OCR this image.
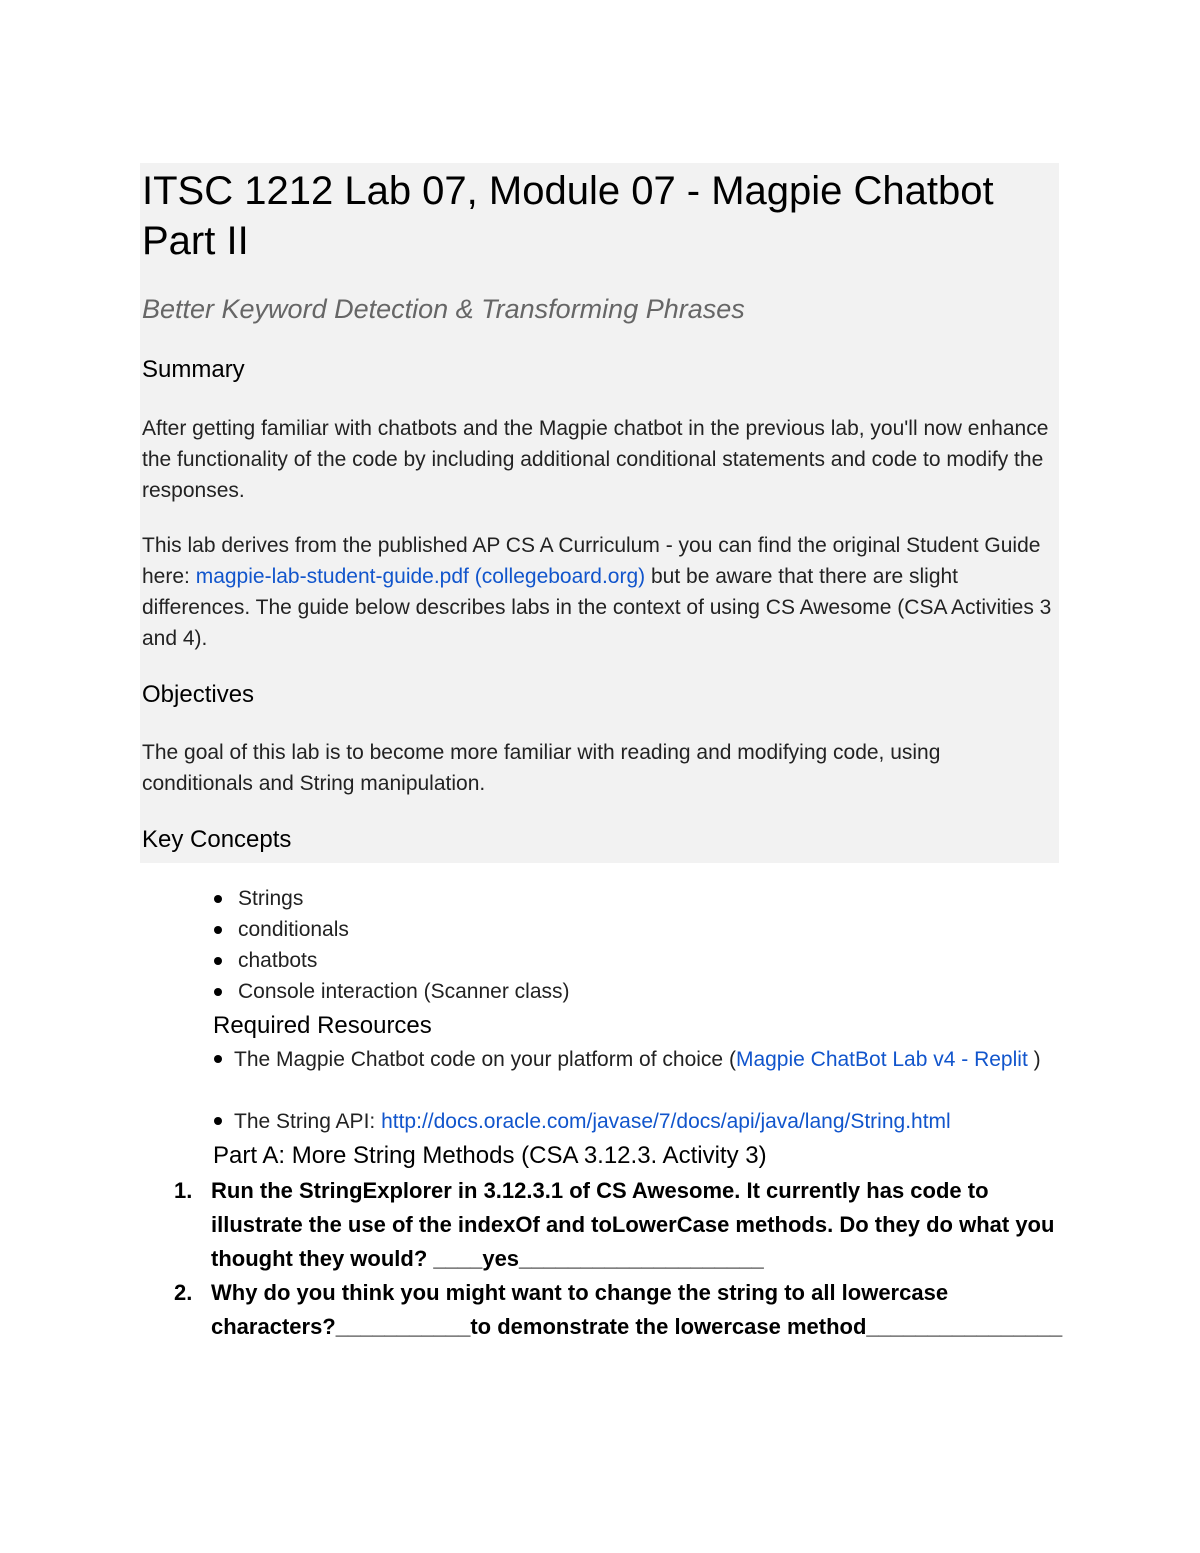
ITSC 1212 Lab 07, Module 07 - Magpie Chatbot Part II
Better Keyword Detection & Transforming Phrases
Summary

After getting familiar with chatbots and the Magpie chatbot in the previous lab, you'll now enhance the functionality of the code by including additional conditional statements and code to modify the responses.

This lab derives from the published AP CS A Curriculum - you can find the original Student Guide here: magpie-lab-student-guide.pdf (collegeboard.org) but be aware that there are slight differences. The guide below describes labs in the context of using CS Awesome (CSA Activities 3 and 4).

Objectives

The goal of this lab is to become more familiar with reading and modifying code, using conditionals and String manipulation.

Key Concepts
Strings
conditionals
chatbots
Console interaction (Scanner class)
Required Resources

The Magpie Chatbot code on your platform of choice (Magpie ChatBot Lab v4 - Replit )

The String API: http://docs.oracle.com/javase/7/docs/api/java/lang/String.html

Part A: More String Methods (CSA 3.12.3. Activity 3)
1. Run the StringExplorer in 3.12.3.1 of CS Awesome. It currently has code to illustrate the use of the indexOf and toLowerCase methods. Do they do what you thought they would? ____yes____________________
2. Why do you think you might want to change the string to all lowercase characters?___________to demonstrate the lowercase method________________
